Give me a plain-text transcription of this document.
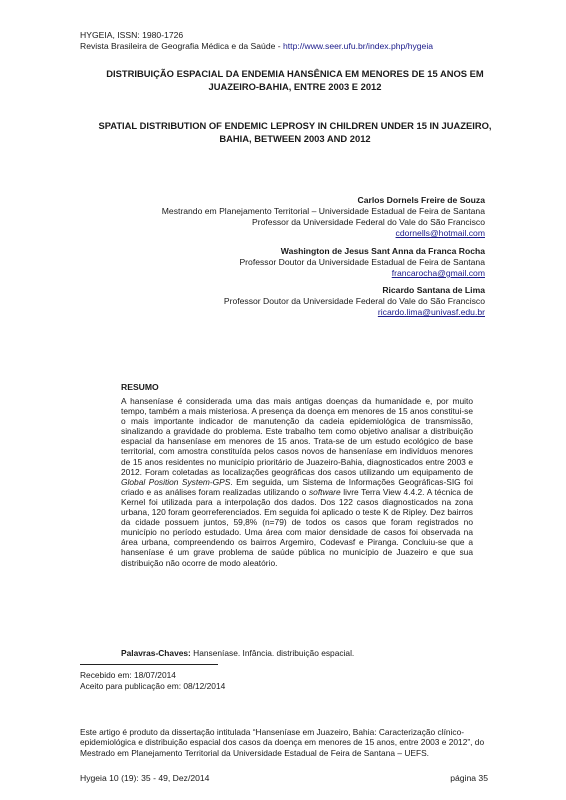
HYGEIA, ISSN: 1980-1726
Revista Brasileira de Geografia Médica e da Saúde - http://www.seer.ufu.br/index.php/hygeia
DISTRIBUIÇÃO ESPACIAL DA ENDEMIA HANSÊNICA EM MENORES DE 15 ANOS EM
JUAZEIRO-BAHIA, ENTRE 2003 E 2012
SPATIAL DISTRIBUTION OF ENDEMIC LEPROSY IN CHILDREN UNDER 15 IN JUAZEIRO,
BAHIA, BETWEEN 2003 AND 2012
Carlos Dornels Freire de Souza
Mestrando em Planejamento Territorial – Universidade Estadual de Feira de Santana
Professor da Universidade Federal do Vale do São Francisco
cdornells@hotmail.com
Washington de Jesus Sant Anna da Franca Rocha
Professor Doutor da Universidade Estadual de Feira de Santana
francarocha@gmail.com
Ricardo Santana de Lima
Professor Doutor da Universidade Federal do Vale do São Francisco
ricardo.lima@univasf.edu.br
RESUMO
A hanseníase é considerada uma das mais antigas doenças da humanidade e, por muito tempo, também a mais misteriosa. A presença da doença em menores de 15 anos constitui-se o mais importante indicador de manutenção da cadeia epidemiológica de transmissão, sinalizando a gravidade do problema. Este trabalho tem como objetivo analisar a distribuição espacial da hanseníase em menores de 15 anos. Trata-se de um estudo ecológico de base territorial, com amostra constituída pelos casos novos de hanseníase em indivíduos menores de 15 anos residentes no município prioritário de Juazeiro-Bahia, diagnosticados entre 2003 e 2012. Foram coletadas as localizações geográficas dos casos utilizando um equipamento de Global Position System-GPS. Em seguida, um Sistema de Informações Geográficas-SIG foi criado e as análises foram realizadas utilizando o software livre Terra View 4.4.2. A técnica de Kernel foi utilizada para a interpolação dos dados. Dos 122 casos diagnosticados na zona urbana, 120 foram georreferenciados. Em seguida foi aplicado o teste K de Ripley. Dez bairros da cidade possuem juntos, 59,8% (n=79) de todos os casos que foram registrados no município no período estudado. Uma área com maior densidade de casos foi observada na área urbana, compreendendo os bairros Argemiro, Codevasf e Piranga. Concluiu-se que a hanseníase é um grave problema de saúde pública no município de Juazeiro e que sua distribuição não ocorre de modo aleatório.
Palavras-Chaves: Hanseníase. Infância. distribuição espacial.
Recebido em: 18/07/2014
Aceito para publicação em: 08/12/2014
Este artigo é produto da dissertação intitulada “Hanseníase em Juazeiro, Bahia: Caracterização clínico-epidemiológica e distribuição espacial dos casos da doença em menores de 15 anos, entre 2003 e 2012”, do Mestrado em Planejamento Territorial da Universidade Estadual de Feira de Santana – UEFS.
Hygeia 10 (19): 35 - 49, Dez/2014	página 35
